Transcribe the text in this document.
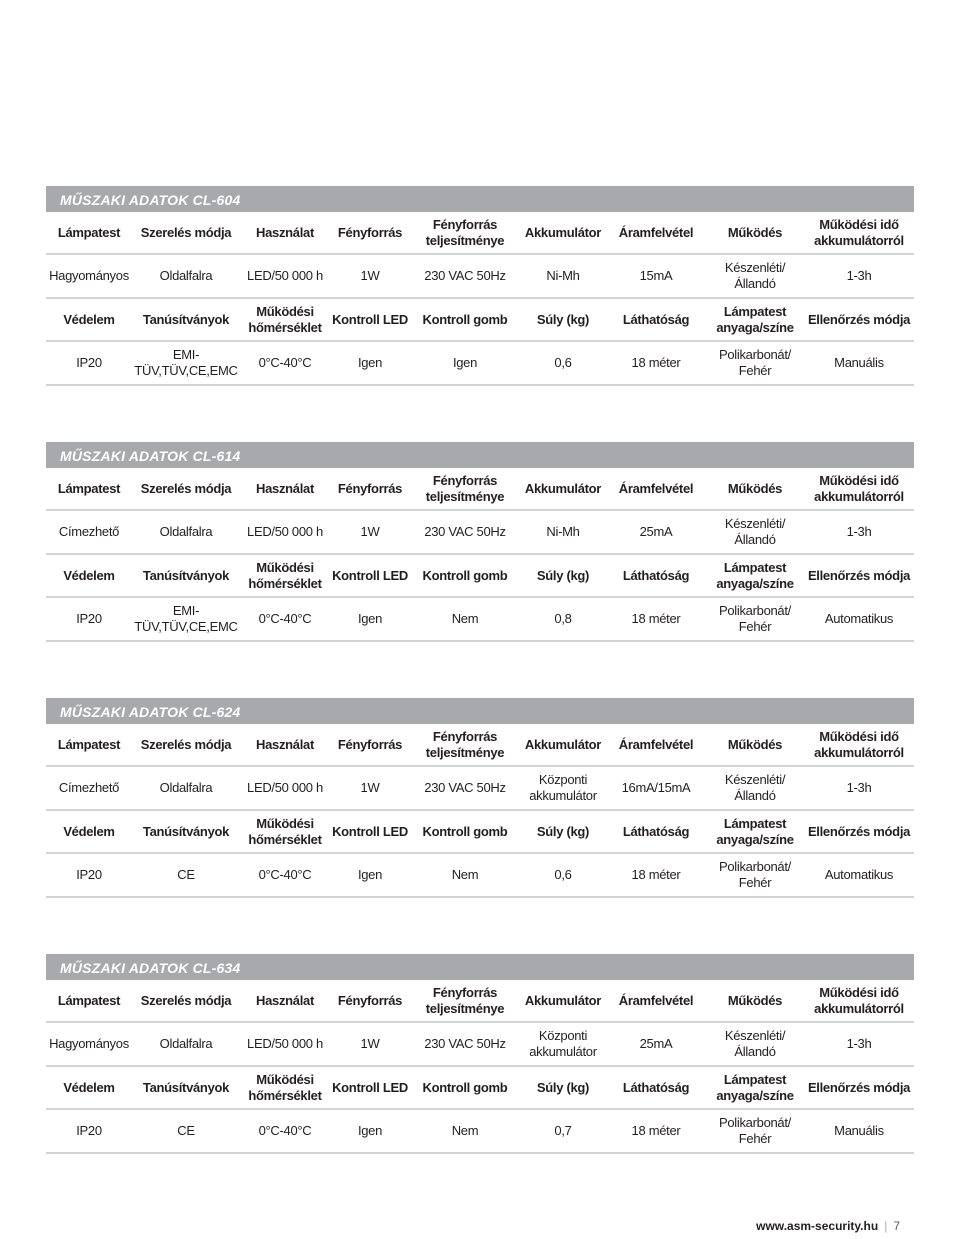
MŰSZAKI ADATOK CL-604
Lámpatest	Szerelés módja	Használat	Fényforrás	Fényforrás teljesítménye	Akkumulátor	Áramfelvétel	Működés	Működési idő akkumulátorról
Hagyományos	Oldalfalra	LED/50 000 h	1W	230 VAC 50Hz	Ni-Mh	15mA	Készenléti/ Állandó	1-3h
Védelem	Tanúsítványok	Működési hőmérséklet	Kontroll LED	Kontroll gomb	Súly (kg)	Láthatóság	Lámpatest anyaga/színe	Ellenőrzés módja
IP20	EMI- TÜV,TÜV,CE,EMC	0°C-40°C	Igen	Igen	0,6	18 méter	Polikarbonát/ Fehér	Manuális
MŰSZAKI ADATOK CL-614
Lámpatest	Szerelés módja	Használat	Fényforrás	Fényforrás teljesítménye	Akkumulátor	Áramfelvétel	Működés	Működési idő akkumulátorról
Címezhető	Oldalfalra	LED/50 000 h	1W	230 VAC 50Hz	Ni-Mh	25mA	Készenléti/ Állandó	1-3h
Védelem	Tanúsítványok	Működési hőmérséklet	Kontroll LED	Kontroll gomb	Súly (kg)	Láthatóság	Lámpatest anyaga/színe	Ellenőrzés módja
IP20	EMI- TÜV,TÜV,CE,EMC	0°C-40°C	Igen	Nem	0,8	18 méter	Polikarbonát/ Fehér	Automatikus
MŰSZAKI ADATOK CL-624
Lámpatest	Szerelés módja	Használat	Fényforrás	Fényforrás teljesítménye	Akkumulátor	Áramfelvétel	Működés	Működési idő akkumulátorról
Címezhető	Oldalfalra	LED/50 000 h	1W	230 VAC 50Hz	Központi akkumulátor	16mA/15mA	Készenléti/ Állandó	1-3h
Védelem	Tanúsítványok	Működési hőmérséklet	Kontroll LED	Kontroll gomb	Súly (kg)	Láthatóság	Lámpatest anyaga/színe	Ellenőrzés módja
IP20	CE	0°C-40°C	Igen	Nem	0,6	18 méter	Polikarbonát/ Fehér	Automatikus
MŰSZAKI ADATOK CL-634
Lámpatest	Szerelés módja	Használat	Fényforrás	Fényforrás teljesítménye	Akkumulátor	Áramfelvétel	Működés	Működési idő akkumulátorról
Hagyományos	Oldalfalra	LED/50 000 h	1W	230 VAC 50Hz	Központi akkumulátor	25mA	Készenléti/ Állandó	1-3h
Védelem	Tanúsítványok	Működési hőmérséklet	Kontroll LED	Kontroll gomb	Súly (kg)	Láthatóság	Lámpatest anyaga/színe	Ellenőrzés módja
IP20	CE	0°C-40°C	Igen	Nem	0,7	18 méter	Polikarbonát/ Fehér	Manuális
www.asm-security.hu | 7
